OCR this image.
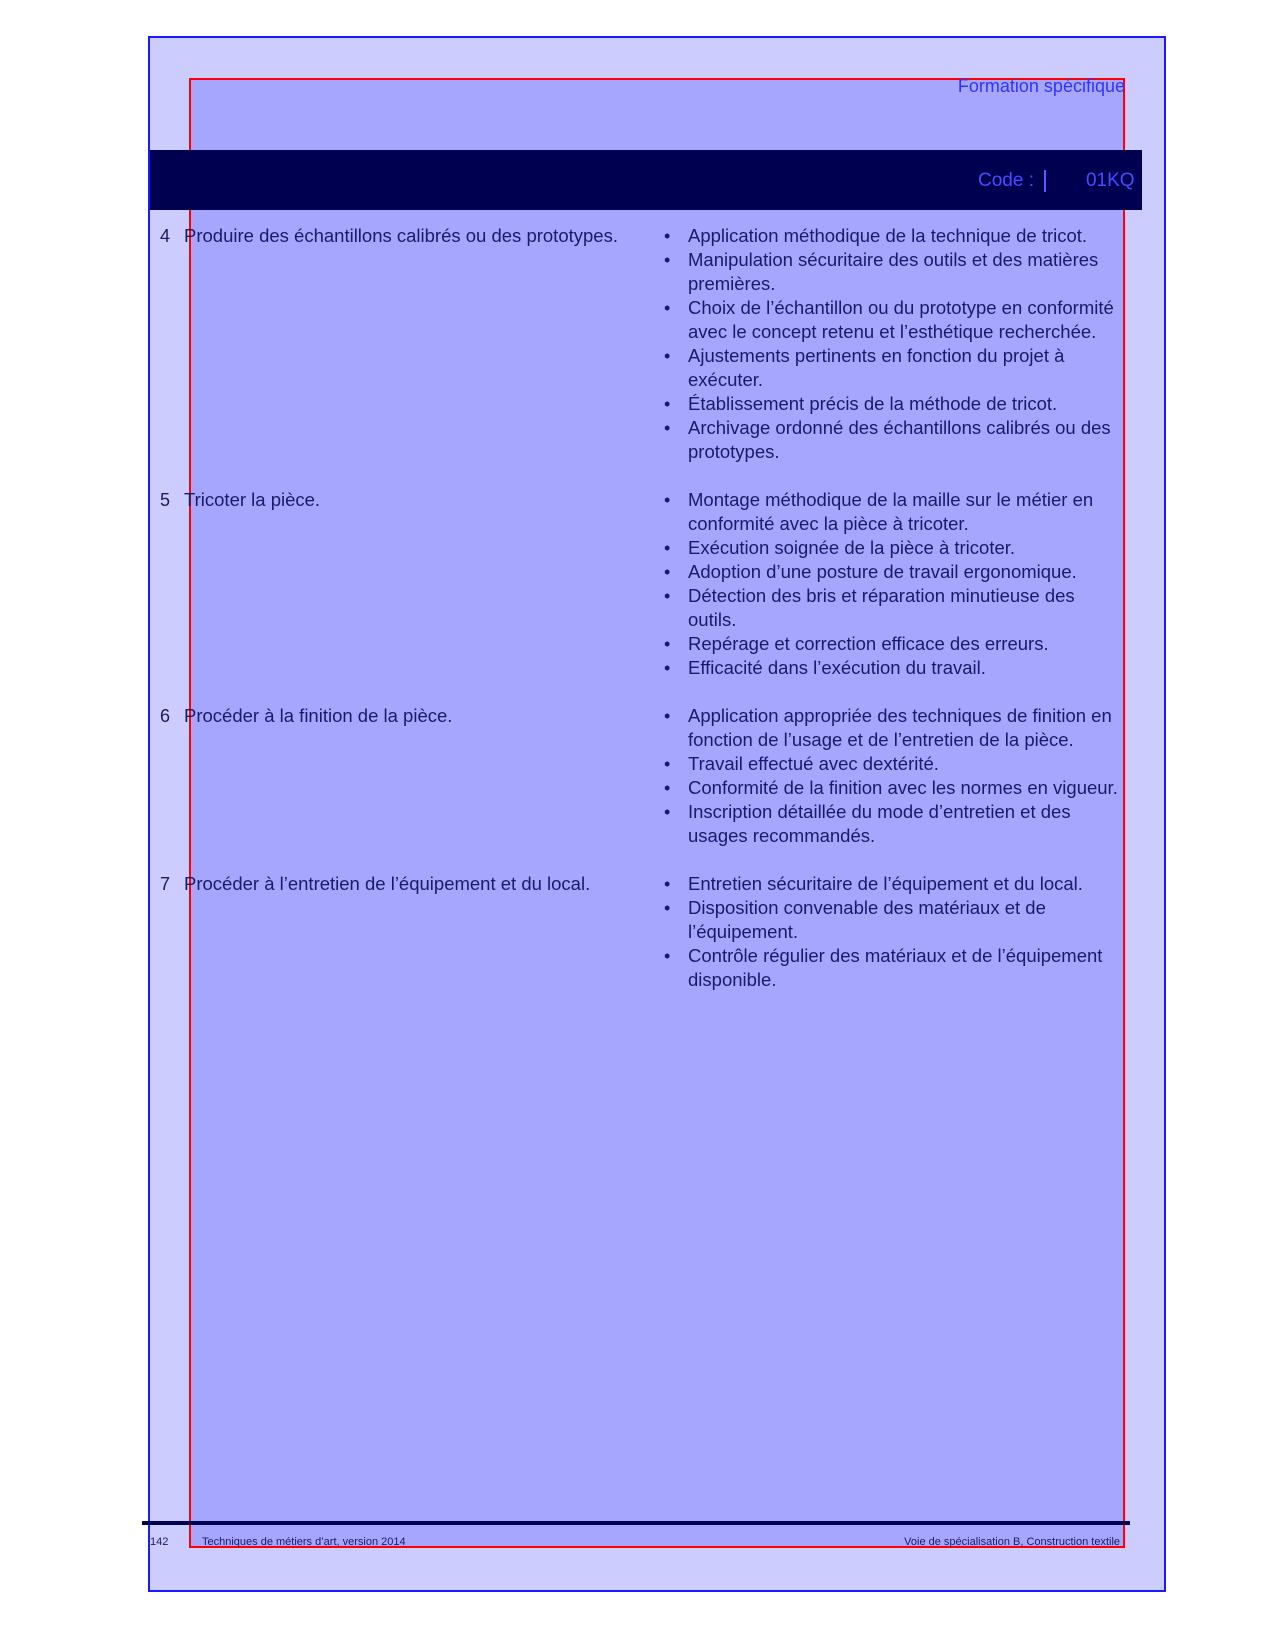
Formation spécifique
Code :	01KQ
4 Produire des échantillons calibrés ou des prototypes.	• Application méthodique de la technique de tricot.
• Manipulation sécuritaire des outils et des matières premières.
• Choix de l’échantillon ou du prototype en conformité avec le concept retenu et l’esthétique recherchée.
• Ajustements pertinents en fonction du projet à exécuter.
• Établissement précis de la méthode de tricot.
• Archivage ordonné des échantillons calibrés ou des prototypes.
5 Tricoter la pièce.	• Montage méthodique de la maille sur le métier en conformité avec la pièce à tricoter.
• Exécution soignée de la pièce à tricoter.
• Adoption d’une posture de travail ergonomique.
• Détection des bris et réparation minutieuse des outils.
• Repérage et correction efficace des erreurs.
• Efficacité dans l’exécution du travail.
6 Procéder à la finition de la pièce.	• Application appropriée des techniques de finition en fonction de l’usage et de l’entretien de la pièce.
• Travail effectué avec dextérité.
• Conformité de la finition avec les normes en vigueur.
• Inscription détaillée du mode d’entretien et des usages recommandés.
7 Procéder à l’entretien de l’équipement et du local.	• Entretien sécuritaire de l’équipement et du local.
• Disposition convenable des matériaux et de l’équipement.
• Contrôle régulier des matériaux et de l’équipement disponible.
142	Techniques de métiers d’art, version 2014	Voie de spécialisation B, Construction textile
